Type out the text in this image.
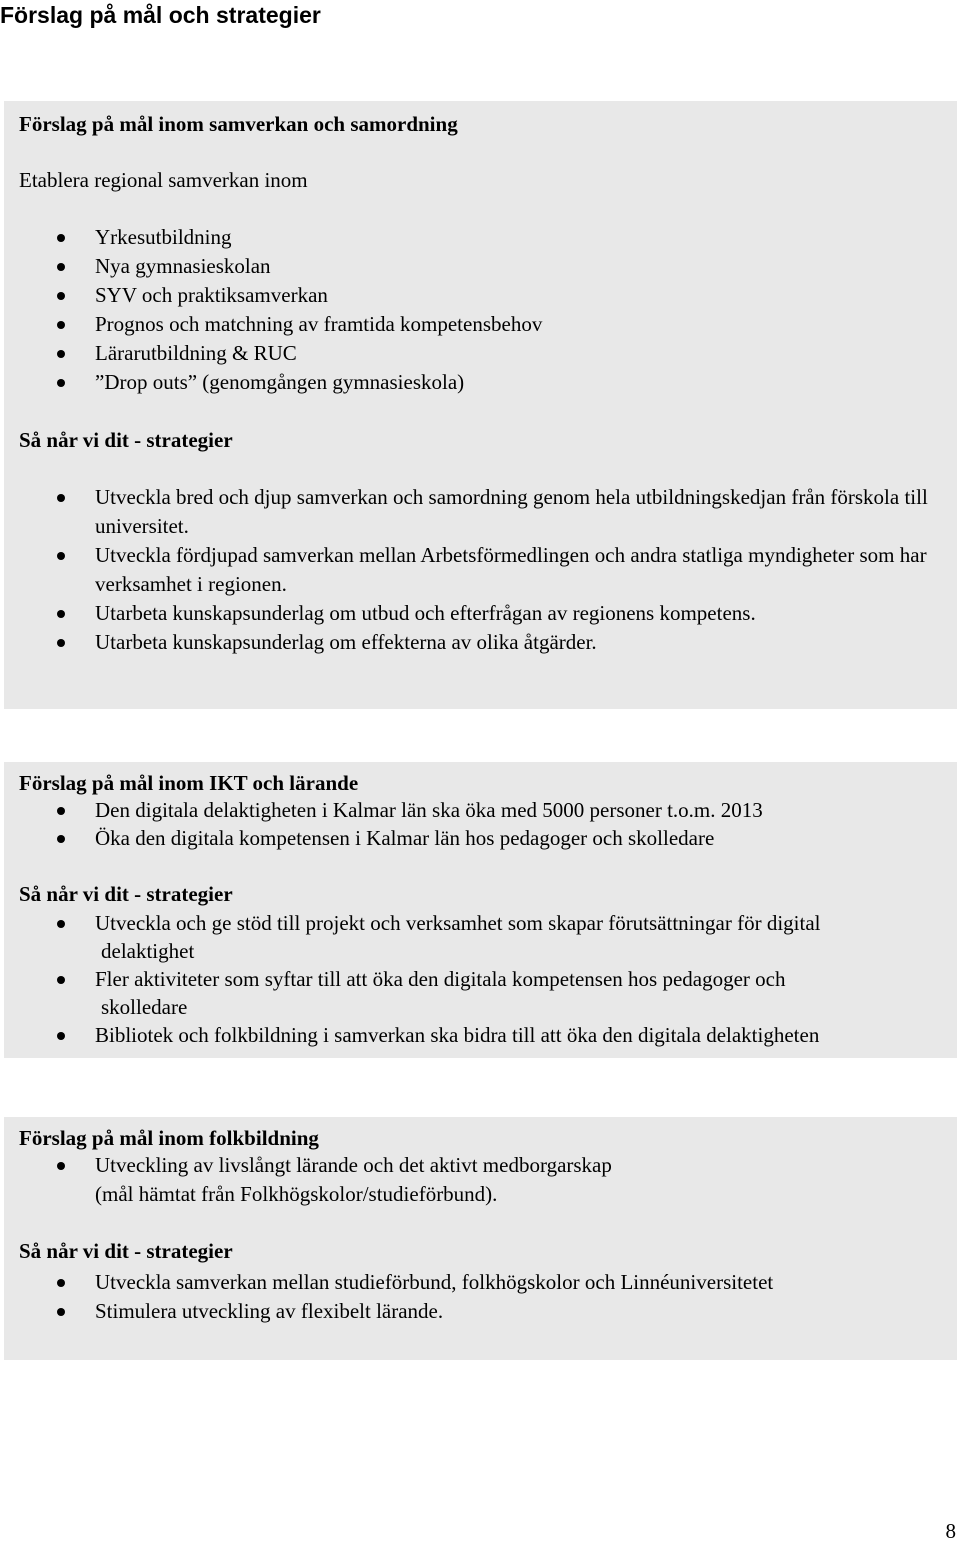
Förslag på mål och strategier

Förslag på mål inom samverkan och samordning

Etablera regional samverkan inom

Yrkesutbildning
Nya gymnasieskolan
SYV och praktiksamverkan
Prognos och matchning av framtida kompetensbehov
Lärarutbildning & RUC
”Drop outs” (genomgången gymnasieskola)

Så når vi dit - strategier

Utveckla bred och djup samverkan och samordning genom hela utbildningskedjan från förskola till universitet.
Utveckla fördjupad samverkan mellan Arbetsförmedlingen och andra statliga myndigheter som har verksamhet i regionen.
Utarbeta kunskapsunderlag om utbud och efterfrågan av regionens kompetens.
Utarbeta kunskapsunderlag om effekterna av olika åtgärder.

Förslag på mål inom IKT och lärande

Den digitala delaktigheten i Kalmar län ska öka med 5000 personer t.o.m. 2013
Öka den digitala kompetensen i Kalmar län hos pedagoger och skolledare

Så når vi dit - strategier

Utveckla och ge stöd till projekt och verksamhet som skapar förutsättningar för digital
delaktighet
Fler aktiviteter som syftar till att öka den digitala kompetensen hos pedagoger och
skolledare
Bibliotek och folkbildning i samverkan ska bidra till att öka den digitala delaktigheten

Förslag på mål inom folkbildning

Utveckling av livslångt lärande och det aktivt medborgarskap
(mål hämtat från Folkhögskolor/studieförbund).

Så når vi dit - strategier

Utveckla samverkan mellan studieförbund, folkhögskolor och Linnéuniversitetet
Stimulera utveckling av flexibelt lärande.
8
